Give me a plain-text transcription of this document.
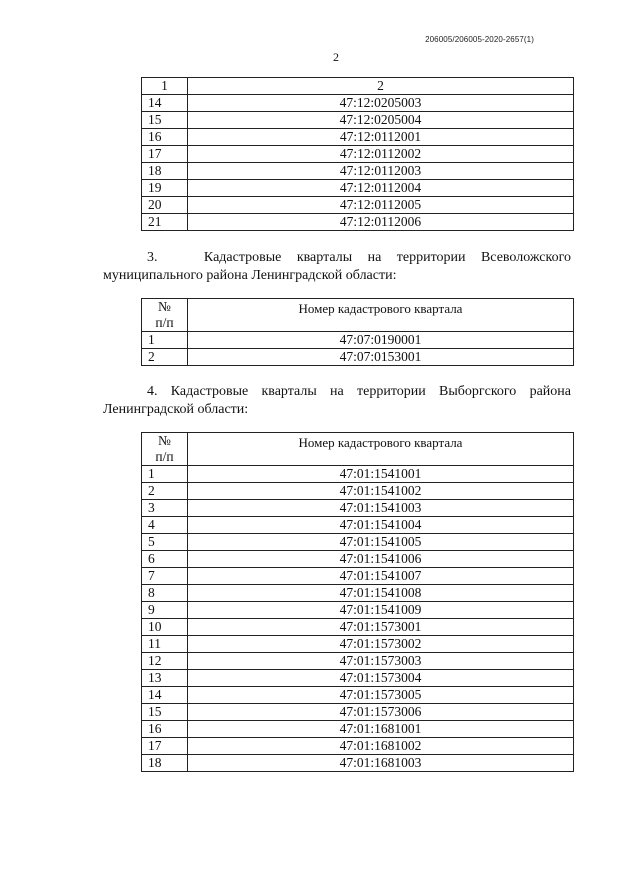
206005/206005-2020-2657(1)
2
1	2
14	47:12:0205003
15	47:12:0205004
16	47:12:0112001
17	47:12:0112002
18	47:12:0112003
19	47:12:0112004
20	47:12:0112005
21	47:12:0112006
3.   Кадастровые кварталы на территории Всеволожского
муниципального района Ленинградской области:
№
п/п	Номер кадастрового квартала
1	47:07:0190001
2	47:07:0153001
4. Кадастровые кварталы на территории Выборгского района
Ленинградской области:
№
п/п	Номер кадастрового квартала
1	47:01:1541001
2	47:01:1541002
3	47:01:1541003
4	47:01:1541004
5	47:01:1541005
6	47:01:1541006
7	47:01:1541007
8	47:01:1541008
9	47:01:1541009
10	47:01:1573001
11	47:01:1573002
12	47:01:1573003
13	47:01:1573004
14	47:01:1573005
15	47:01:1573006
16	47:01:1681001
17	47:01:1681002
18	47:01:1681003
